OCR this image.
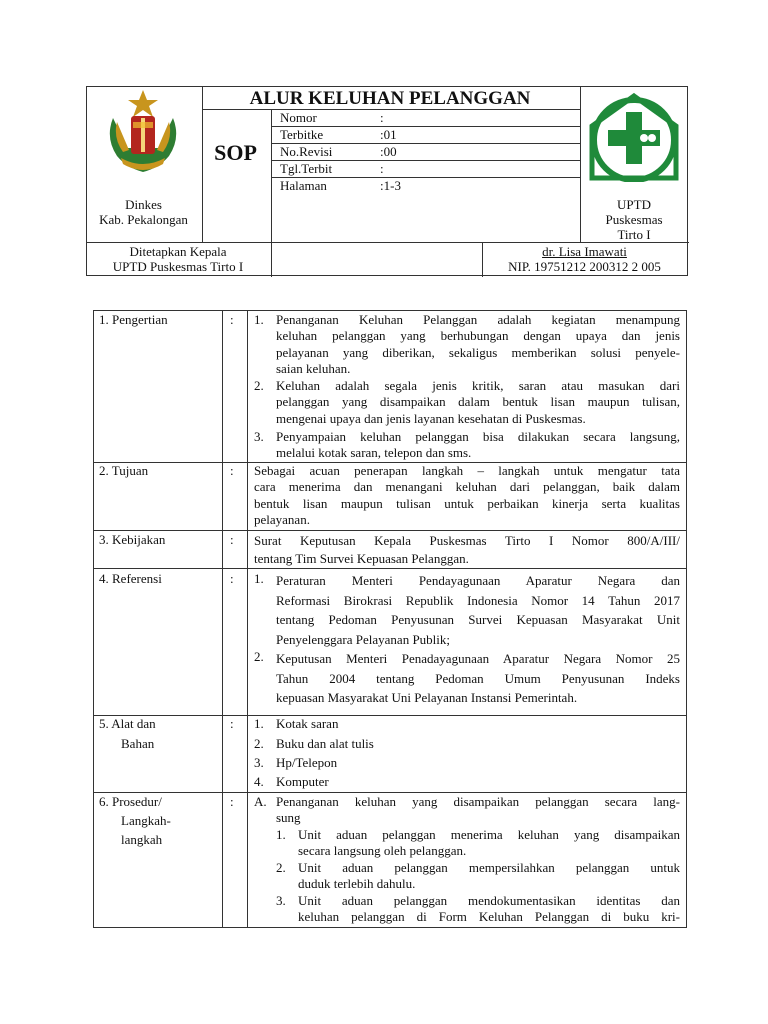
Dinkes
Kab. Pekalongan
ALUR KELUHAN PELANGGAN
SOP
Nomor	:
Terbitke	:01
No.Revisi	:00
Tgl.Terbit	:
Halaman	:1-3
UPTD
Puskesmas
Tirto I
Ditetapkan Kepala
UPTD Puskesmas Tirto I
dr. Lisa Imawati
NIP. 19751212 200312 2 005
1. Pengertian	: 1. Penanganan Keluhan Pelanggan adalah kegiatan menampung
keluhan pelanggan yang berhubungan dengan upaya dan jenis
pelayanan yang diberikan, sekaligus memberikan solusi penyele-
saian keluhan.
2. Keluhan adalah segala jenis kritik, saran atau masukan dari
pelanggan yang disampaikan dalam bentuk lisan maupun tulisan,
mengenai upaya dan jenis layanan kesehatan di Puskesmas.
3. Penyampaian keluhan pelanggan bisa dilakukan secara langsung,
melalui kotak saran, telepon dan sms.
2. Tujuan	: Sebagai acuan penerapan langkah – langkah untuk mengatur tata
cara menerima dan menangani keluhan dari pelanggan, baik dalam
bentuk lisan maupun tulisan untuk perbaikan kinerja serta kualitas
pelayanan.
3. Kebijakan	: Surat Keputusan Kepala Puskesmas Tirto I Nomor 800/A/III/
tentang Tim Survei Kepuasan Pelanggan.
4. Referensi	: 1. Peraturan Menteri Pendayagunaan Aparatur Negara dan
Reformasi Birokrasi Republik Indonesia Nomor 14 Tahun 2017
tentang Pedoman Penyusunan Survei Kepuasan Masyarakat Unit
Penyelenggara Pelayanan Publik;
2. Keputusan Menteri Penadayagunaan Aparatur Negara Nomor 25
Tahun 2004 tentang Pedoman Umum Penyusunan Indeks
kepuasan Masyarakat Uni Pelayanan Instansi Pemerintah.
5. Alat dan
Bahan
: 1. Kotak saran
2. Buku dan alat tulis
3. Hp/Telepon
4. Komputer
6. Prosedur/
Langkah-
langkah
: A. Penanganan keluhan yang disampaikan pelanggan secara lang-
sung
1. Unit aduan pelanggan menerima keluhan yang disampaikan
secara langsung oleh pelanggan.
2. Unit aduan pelanggan mempersilahkan pelanggan untuk
duduk terlebih dahulu.
3. Unit aduan pelanggan mendokumentasikan identitas dan
keluhan pelanggan di Form Keluhan Pelanggan di buku kri-
